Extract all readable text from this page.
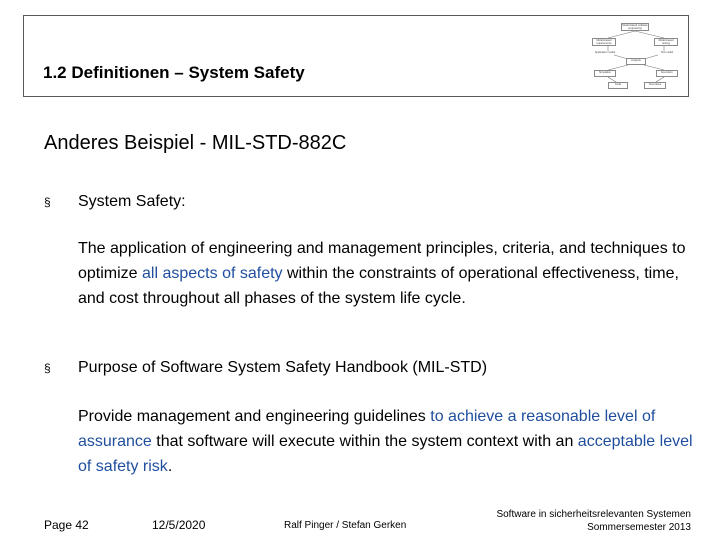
1.2 Definitionen – System Safety
Model-based software engineering
Model-based requirements
Model-based testing
Application model	Test model
Analysis
Simulation	Execution
Code	Test cases
Anderes Beispiel - MIL-STD-882C
§ System Safety:
The application of engineering and management principles, criteria, and techniques to optimize all aspects of safety within the constraints of operational effectiveness, time, and cost throughout all phases of the system life cycle.
§ Purpose of Software System Safety Handbook (MIL-STD)
Provide management and engineering guidelines to achieve a reasonable level of assurance that software will execute within the system context with an acceptable level of safety risk.
Page 42	12/5/2020	Ralf Pinger / Stefan Gerken
Software in sicherheitsrelevanten Systemen
Sommersemester 2013
